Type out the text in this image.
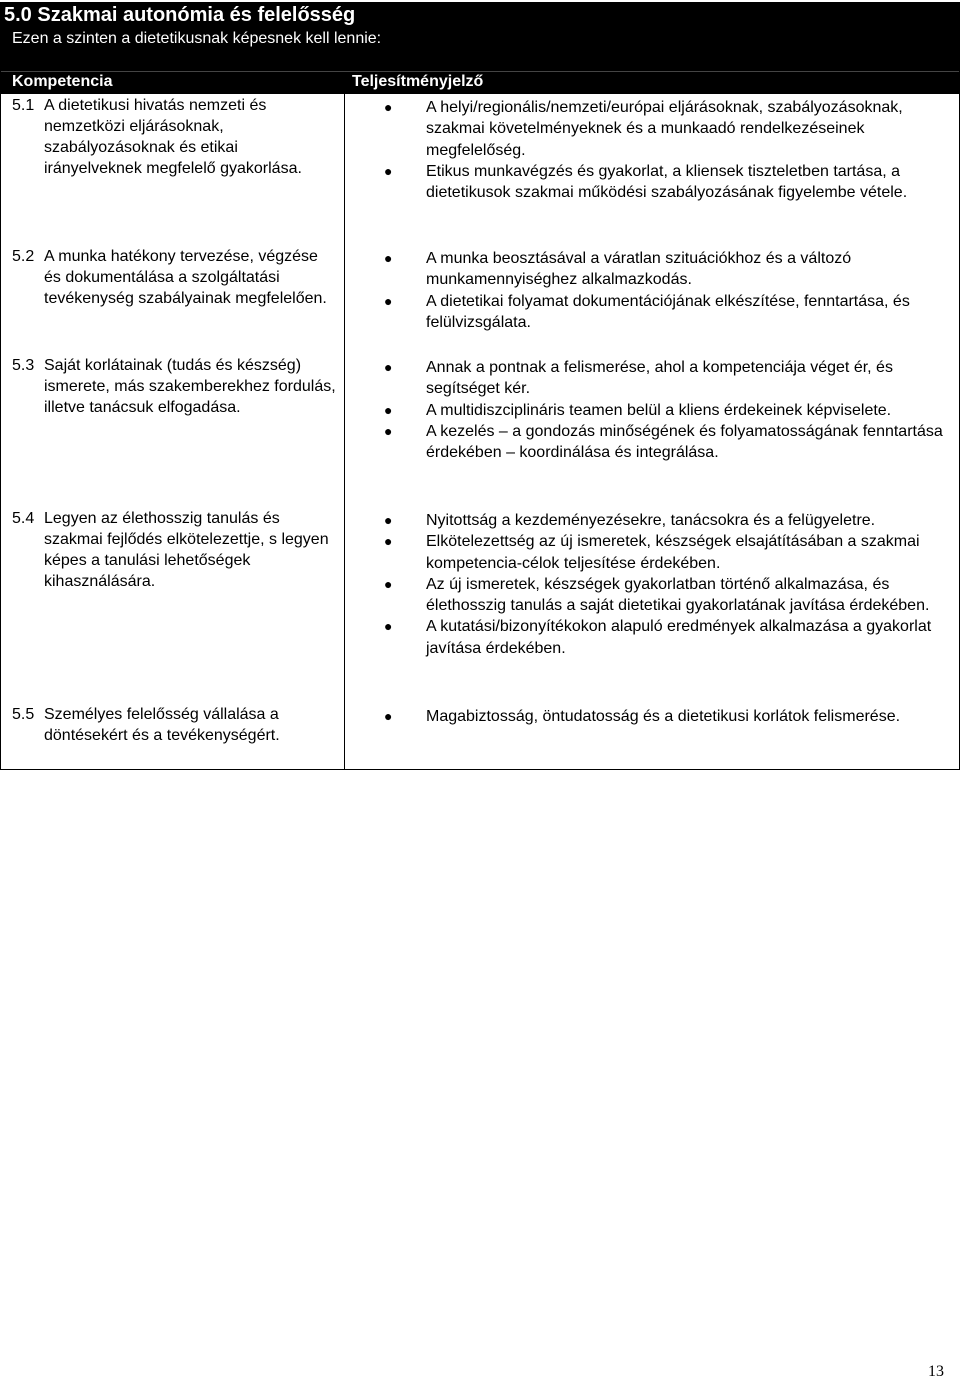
5.0 Szakmai autonómia és felelősség
Ezen a szinten a dietetikusnak képesnek kell lennie:
Kompetencia	Teljesítményjelző
5.1 A dietetikusi hivatás nemzeti és nemzetközi eljárásoknak, szabályozásoknak és etikai irányelveknek megfelelő gyakorlása.
● A helyi/regionális/nemzeti/európai eljárásoknak, szabályozásoknak, szakmai követelményeknek és a munkaadó rendelkezéseinek megfelelőség.
● Etikus munkavégzés és gyakorlat, a kliensek tiszteletben tartása, a dietetikusok szakmai működési szabályozásának figyelembe vétele.
5.2 A munka hatékony tervezése, végzése és dokumentálása a szolgáltatási tevékenység szabályainak megfelelően.
● A munka beosztásával a váratlan szituációkhoz és a változó munkamennyiséghez alkalmazkodás.
● A dietetikai folyamat dokumentációjának elkészítése, fenntartása, és felülvizsgálata.
5.3 Saját korlátainak (tudás és készség) ismerete, más szakemberekhez fordulás, illetve tanácsuk elfogadása.
● Annak a pontnak a felismerése, ahol a kompetenciája véget ér, és segítséget kér.
● A multidiszciplináris teamen belül a kliens érdekeinek képviselete.
● A kezelés – a gondozás minőségének és folyamatosságának fenntartása érdekében – koordinálása és integrálása.
5.4 Legyen az élethosszig tanulás és szakmai fejlődés elkötelezettje, s legyen képes a tanulási lehetőségek kihasználására.
● Nyitottság a kezdeményezésekre, tanácsokra és a felügyeletre.
● Elkötelezettség az új ismeretek, készségek elsajátításában a szakmai kompetencia-célok teljesítése érdekében.
● Az új ismeretek, készségek gyakorlatban történő alkalmazása, és élethosszig tanulás a saját dietetikai gyakorlatának javítása érdekében.
● A kutatási/bizonyítékokon alapuló eredmények alkalmazása a gyakorlat javítása érdekében.
5.5 Személyes felelősség vállalása a döntésekért és a tevékenységért.
● Magabiztosság, öntudatosság és a dietetikusi korlátok felismerése.
13
